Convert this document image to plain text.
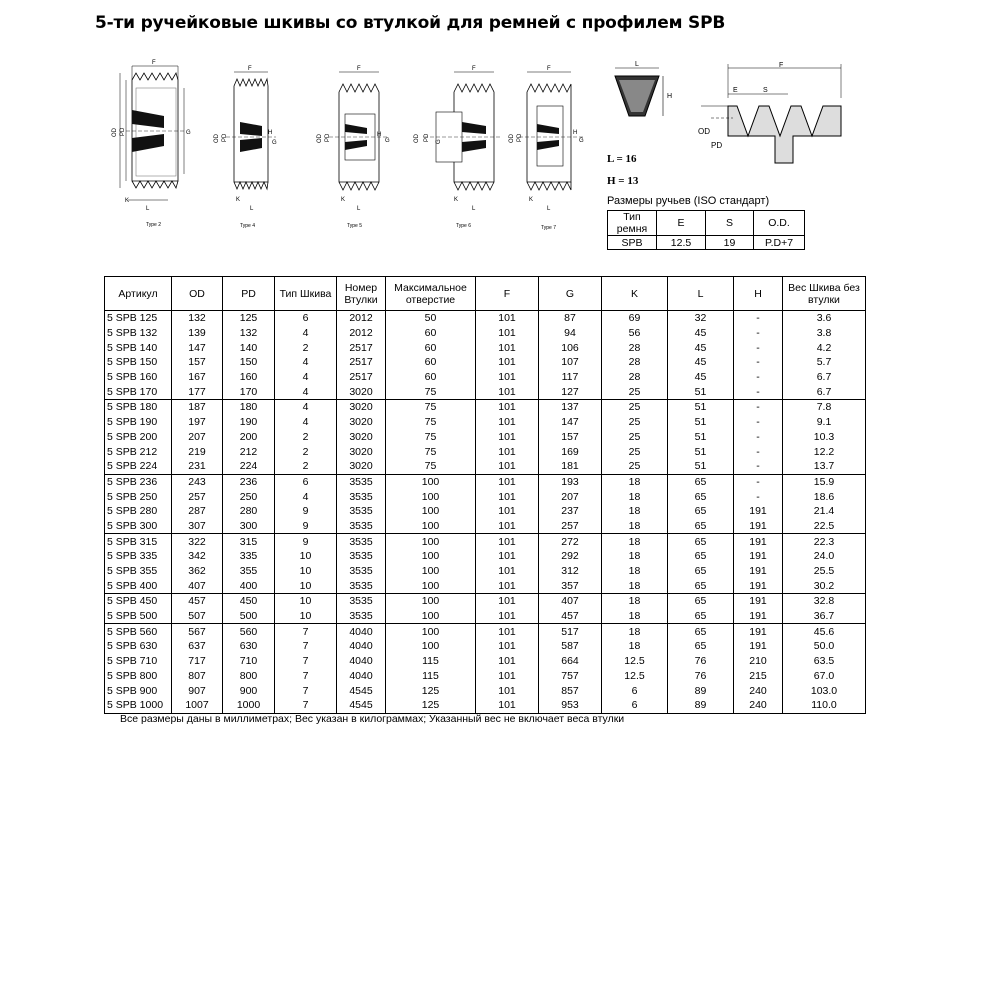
5-ти ручейковые шкивы со втулкой для ремней с профилем SPB
F
OD PD	G
K
L
Type 2
F
OD PD
H
G
K
L
Type 4
F
OD PD	H
G
K
L
Type 5
F
OD PD G
K
L
Type 6
F
OD PD
H
G
K
L
Type 7
L
H
L = 16
H = 13
F
E	S
OD
PD
Размеры ручьев (ISO стандарт)
Тип ремня	E	S	O.D.
SPB	12.5	19	P.D+7
Артикул	OD	PD	Тип Шкива	Номер Втулки	Максимальное отверстие	F	G	K	L	H	Вес Шкива без втулки
5 SPB 125	132	125	6	2012	50	101	87	69	32	-	3.6
5 SPB 132	139	132	4	2012	60	101	94	56	45	-	3.8
5 SPB 140	147	140	2	2517	60	101	106	28	45	-	4.2
5 SPB 150	157	150	4	2517	60	101	107	28	45	-	5.7
5 SPB 160	167	160	4	2517	60	101	117	28	45	-	6.7
5 SPB 170	177	170	4	3020	75	101	127	25	51	-	6.7
5 SPB 180	187	180	4	3020	75	101	137	25	51	-	7.8
5 SPB 190	197	190	4	3020	75	101	147	25	51	-	9.1
5 SPB 200	207	200	2	3020	75	101	157	25	51	-	10.3
5 SPB 212	219	212	2	3020	75	101	169	25	51	-	12.2
5 SPB 224	231	224	2	3020	75	101	181	25	51	-	13.7
5 SPB 236	243	236	6	3535	100	101	193	18	65	-	15.9
5 SPB 250	257	250	4	3535	100	101	207	18	65	-	18.6
5 SPB 280	287	280	9	3535	100	101	237	18	65	191	21.4
5 SPB 300	307	300	9	3535	100	101	257	18	65	191	22.5
5 SPB 315	322	315	9	3535	100	101	272	18	65	191	22.3
5 SPB 335	342	335	10	3535	100	101	292	18	65	191	24.0
5 SPB 355	362	355	10	3535	100	101	312	18	65	191	25.5
5 SPB 400	407	400	10	3535	100	101	357	18	65	191	30.2
5 SPB 450	457	450	10	3535	100	101	407	18	65	191	32.8
5 SPB 500	507	500	10	3535	100	101	457	18	65	191	36.7
5 SPB 560	567	560	7	4040	100	101	517	18	65	191	45.6
5 SPB 630	637	630	7	4040	100	101	587	18	65	191	50.0
5 SPB 710	717	710	7	4040	115	101	664	12.5	76	210	63.5
5 SPB 800	807	800	7	4040	115	101	757	12.5	76	215	67.0
5 SPB 900	907	900	7	4545	125	101	857	6	89	240	103.0
5 SPB 1000	1007	1000	7	4545	125	101	953	6	89	240	110.0
Все размеры даны в миллиметрах; Вес указан в килограммах; Указанный вес не включает веса втулки
